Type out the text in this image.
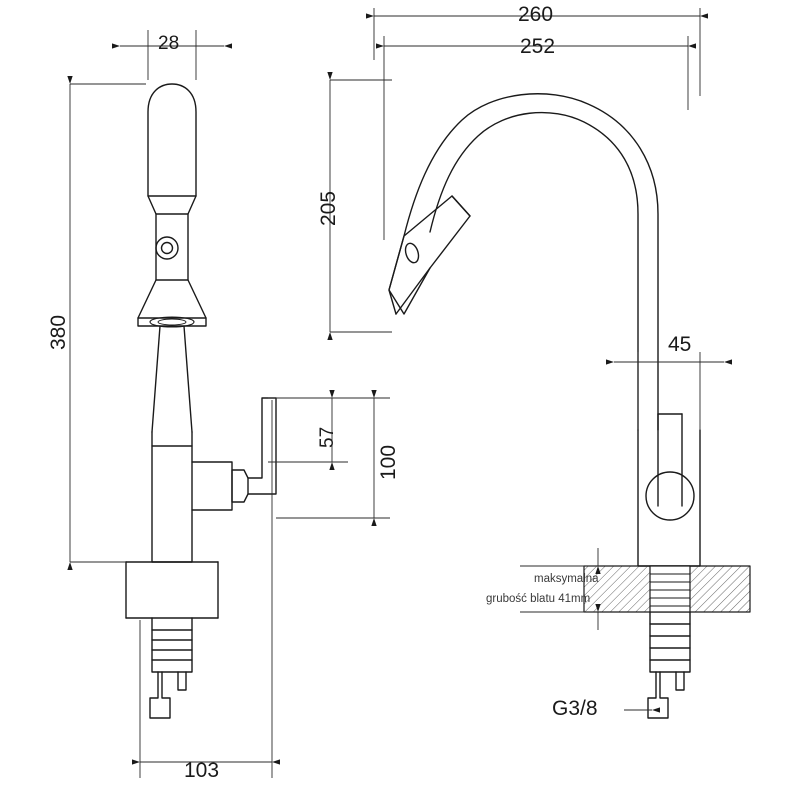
28
380
103
260
252
205
45
57
100
G3/8
maksymalna
grubość blatu 41mm
